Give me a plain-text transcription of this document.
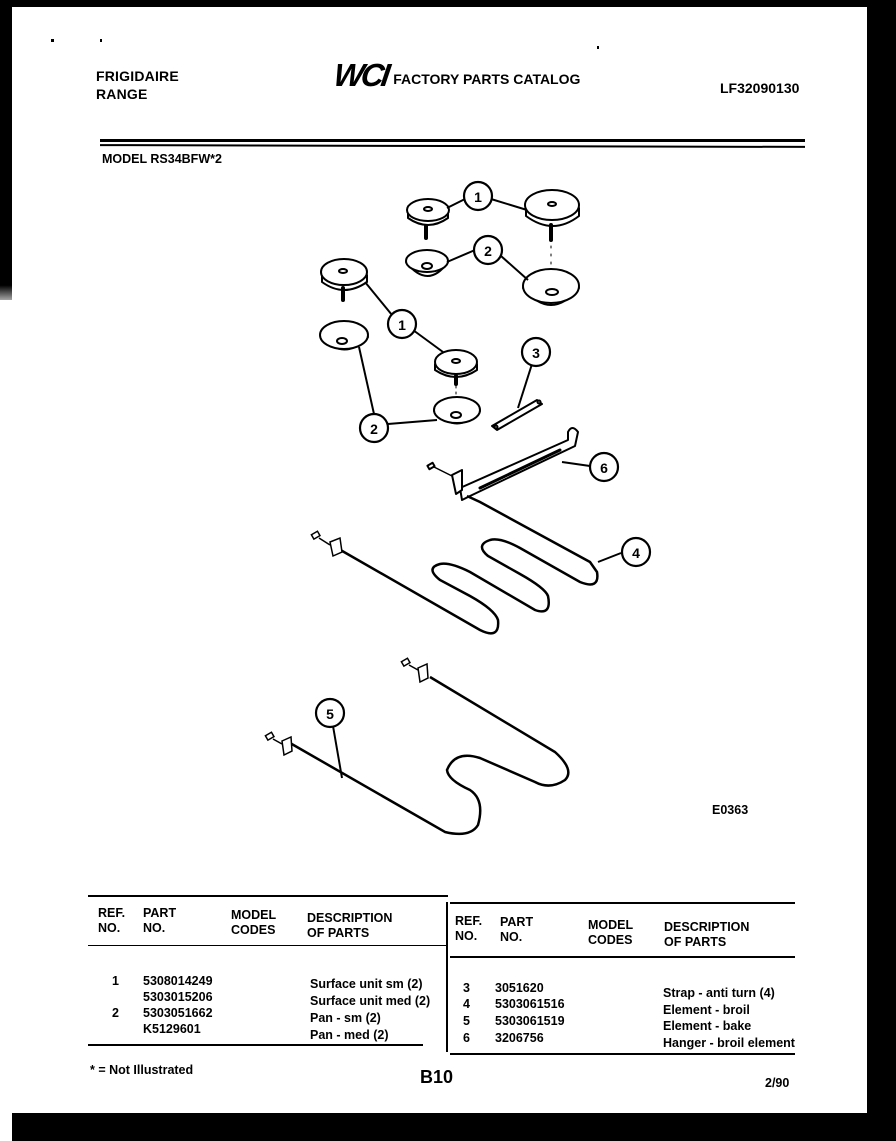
FRIGIDAIRE
RANGE
WCI FACTORY PARTS CATALOG
LF32090130
MODEL RS34BFW*2
1
2
1
3
2
6
4
5
E0363
REF.
NO.
PART
NO.
MODEL
CODES
DESCRIPTION
OF PARTS
1 5308014249	Surface unit sm (2)
5303015206	Surface unit med (2)
2 5303051662	Pan - sm (2)
K5129601	Pan - med (2)
REF.
NO.
PART
NO.
MODEL
CODES
DESCRIPTION
OF PARTS
3 3051620	Strap - anti turn (4)
4 5303061516	Element - broil
5 5303061519	Element - bake
6 3206756	Hanger - broil element
* = Not Illustrated	B10	2/90
